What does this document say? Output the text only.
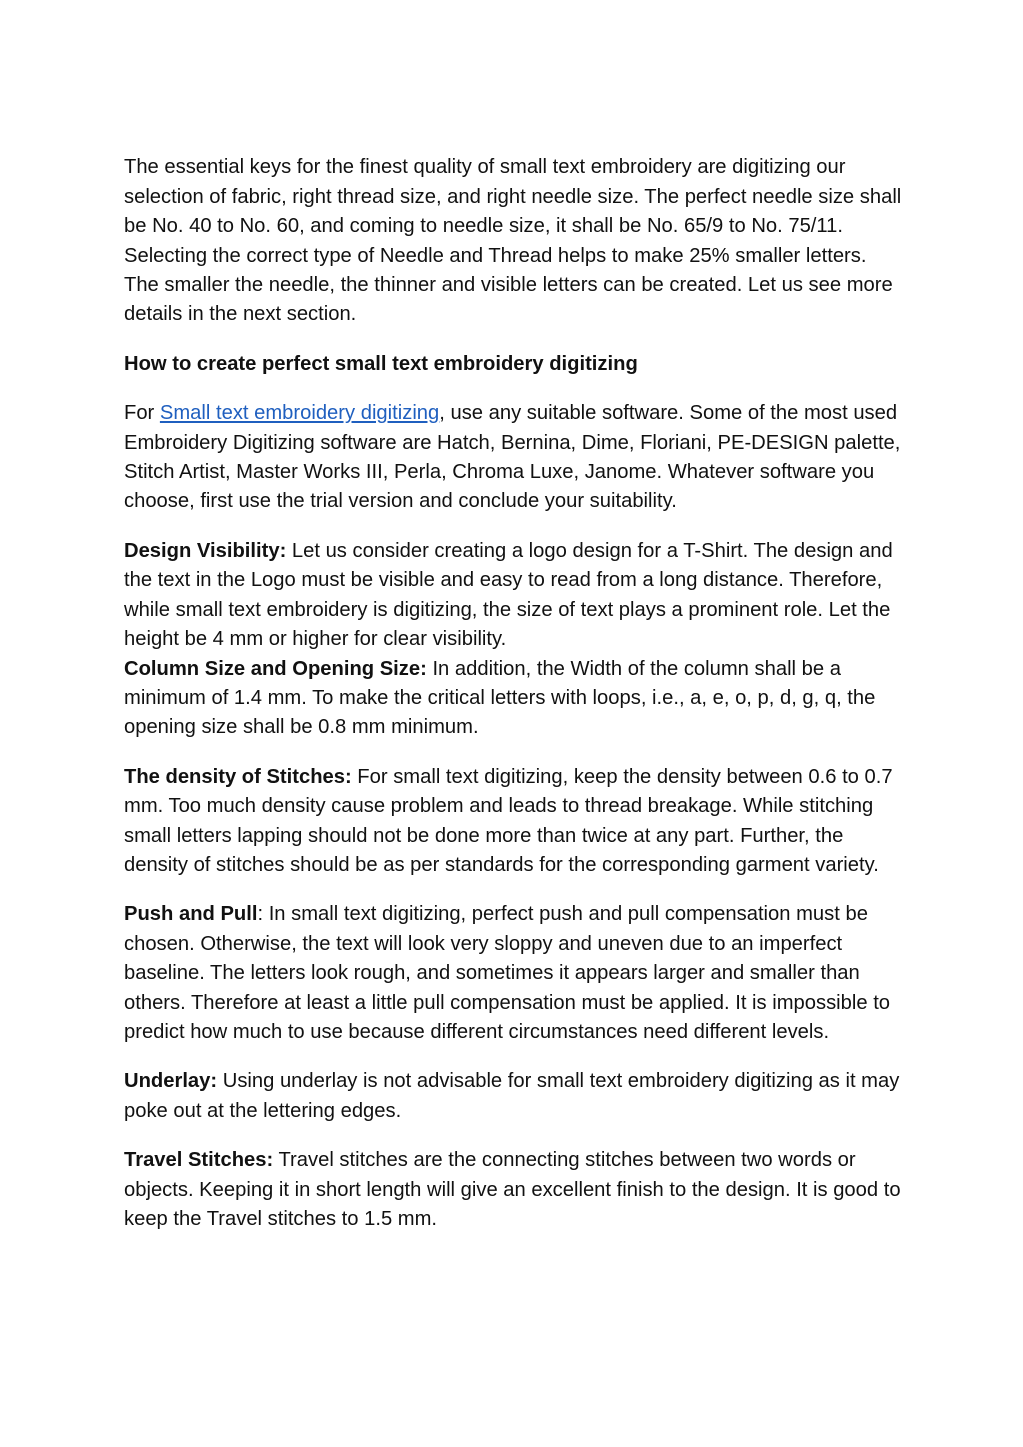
The essential keys for the finest quality of small text embroidery are digitizing our selection of fabric, right thread size, and right needle size. The perfect needle size shall be No. 40 to No. 60, and coming to needle size, it shall be No. 65/9 to No. 75/11. Selecting the correct type of Needle and Thread helps to make 25% smaller letters. The smaller the needle, the thinner and visible letters can be created. Let us see more details in the next section.

How to create perfect small text embroidery digitizing

For Small text embroidery digitizing, use any suitable software. Some of the most used Embroidery Digitizing software are Hatch, Bernina, Dime, Floriani, PE-DESIGN palette, Stitch Artist, Master Works III, Perla, Chroma Luxe, Janome. Whatever software you choose, first use the trial version and conclude your suitability.

Design Visibility: Let us consider creating a logo design for a T-Shirt. The design and the text in the Logo must be visible and easy to read from a long distance. Therefore, while small text embroidery is digitizing, the size of text plays a prominent role. Let the height be 4 mm or higher for clear visibility.

Column Size and Opening Size: In addition, the Width of the column shall be a minimum of 1.4 mm. To make the critical letters with loops, i.e., a, e, o, p, d, g, q, the opening size shall be 0.8 mm minimum.

The density of Stitches: For small text digitizing, keep the density between 0.6 to 0.7 mm. Too much density cause problem and leads to thread breakage. While stitching small letters lapping should not be done more than twice at any part. Further, the density of stitches should be as per standards for the corresponding garment variety.

Push and Pull: In small text digitizing, perfect push and pull compensation must be chosen. Otherwise, the text will look very sloppy and uneven due to an imperfect baseline. The letters look rough, and sometimes it appears larger and smaller than others. Therefore at least a little pull compensation must be applied. It is impossible to predict how much to use because different circumstances need different levels.

Underlay: Using underlay is not advisable for small text embroidery digitizing as it may poke out at the lettering edges.

Travel Stitches: Travel stitches are the connecting stitches between two words or objects. Keeping it in short length will give an excellent finish to the design. It is good to keep the Travel stitches to 1.5 mm.
